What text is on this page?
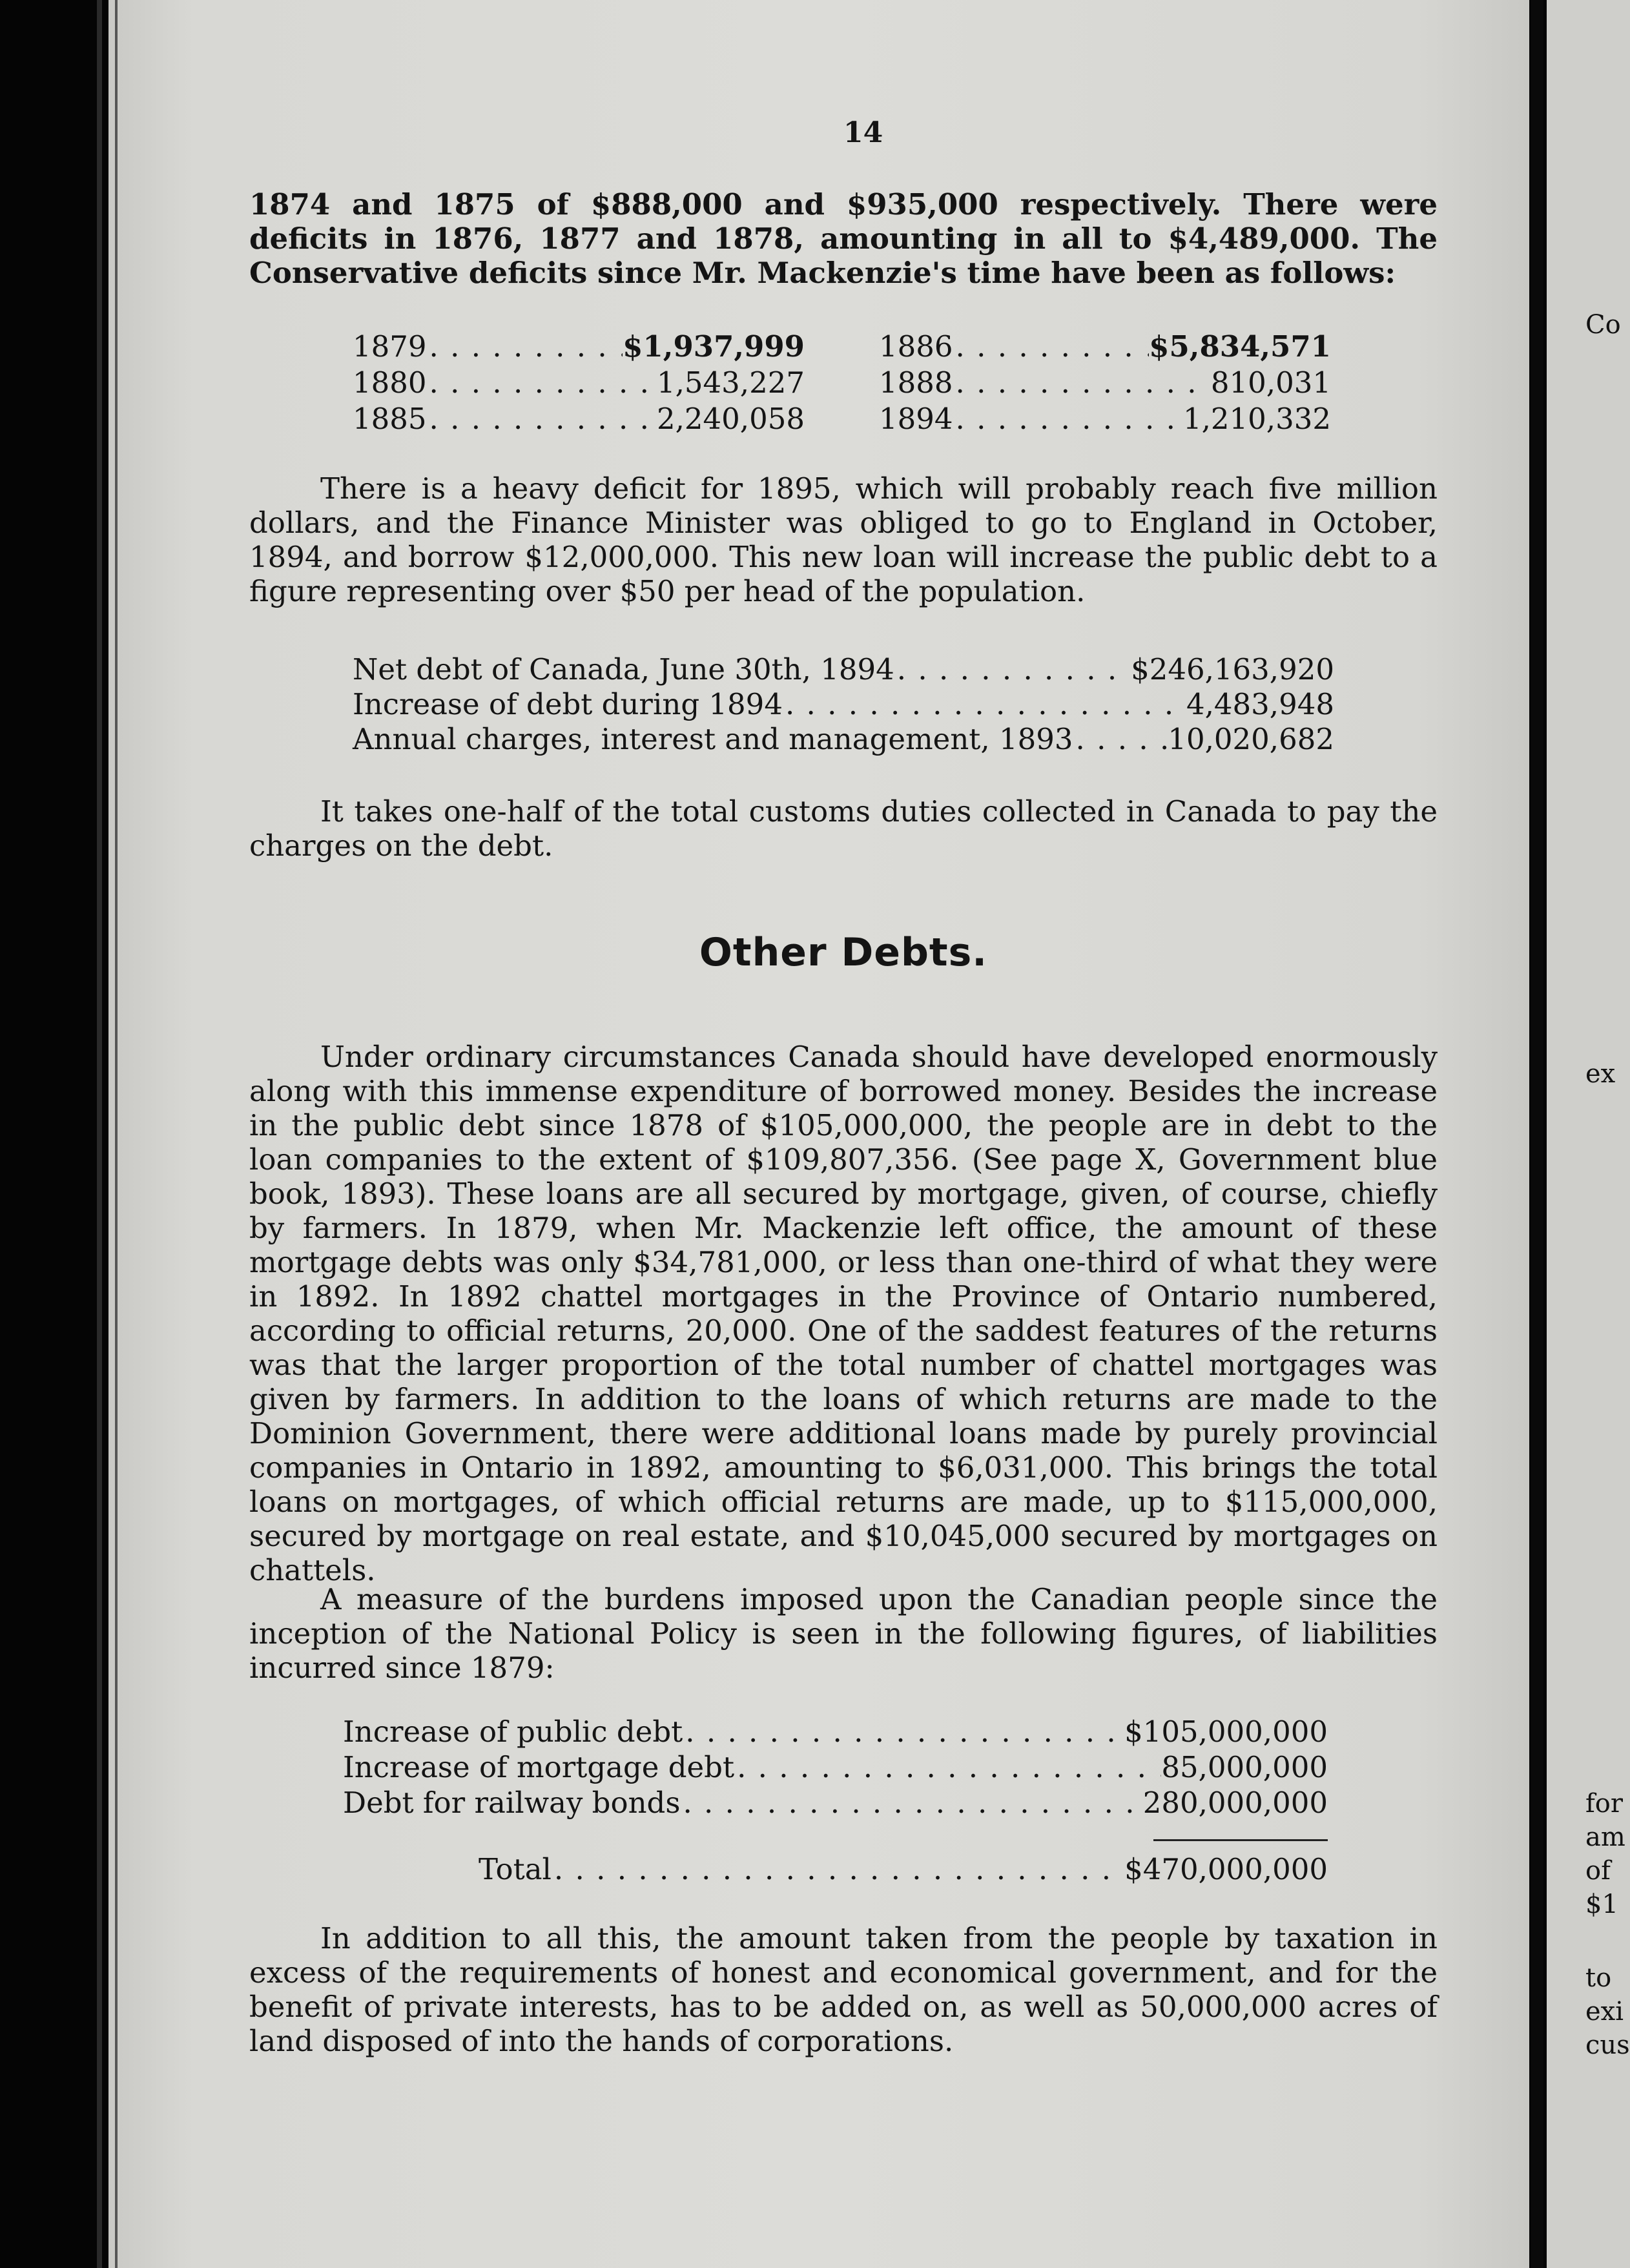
Co
ex
for
am
of
$1
to
exi
cus
14
1874 and 1875 of $888,000 and $935,000 respectively. There were deficits in 1876, 1877 and 1878, amounting in all to $4,489,000. The Conservative deficits since Mr. Mackenzie's time have been as follows:
1879 . . .	$1,937,999
1880 . . .	1,543,227
1885 . . .	2,240,058
1886 . . .	$5,834,571
1888 . . .	810,031
1894 . . .	1,210,332
There is a heavy deficit for 1895, which will probably reach five million dollars, and the Finance Minister was obliged to go to England in October, 1894, and borrow $12,000,000. This new loan will increase the public debt to a figure representing over $50 per head of the population.
Net debt of Canada, June 30th, 1894 . . .	$246,163,920
Increase of debt during 1894 . . .	4,483,948
Annual charges, interest and management, 1893 . . .	10,020,682
It takes one-half of the total customs duties collected in Canada to pay the charges on the debt.
Other Debts.
Under ordinary circumstances Canada should have developed enormously along with this immense expenditure of borrowed money. Besides the increase in the public debt since 1878 of $105,000,000, the people are in debt to the loan companies to the extent of $109,807,356. (See page X, Government blue book, 1893). These loans are all secured by mortgage, given, of course, chiefly by farmers. In 1879, when Mr. Mackenzie left office, the amount of these mortgage debts was only $34,781,000, or less than one-third of what they were in 1892. In 1892 chattel mortgages in the Province of Ontario numbered, according to official returns, 20,000. One of the saddest features of the returns was that the larger proportion of the total number of chattel mortgages was given by farmers. In addition to the loans of which returns are made to the Dominion Government, there were additional loans made by purely provincial companies in Ontario in 1892, amounting to $6,031,000. This brings the total loans on mortgages, of which official returns are made, up to $115,000,000, secured by mortgage on real estate, and $10,045,000 secured by mortgages on chattels.
A measure of the burdens imposed upon the Canadian people since the inception of the National Policy is seen in the following figures, of liabilities incurred since 1879:
Increase of public debt . . .	$105,000,000
Increase of mortgage debt . . .	85,000,000
Debt for railway bonds . . .	280,000,000
Total . . .	$470,000,000
In addition to all this, the amount taken from the people by taxation in excess of the requirements of honest and economical government, and for the benefit of private interests, has to be added on, as well as 50,000,000 acres of land disposed of into the hands of corporations.
